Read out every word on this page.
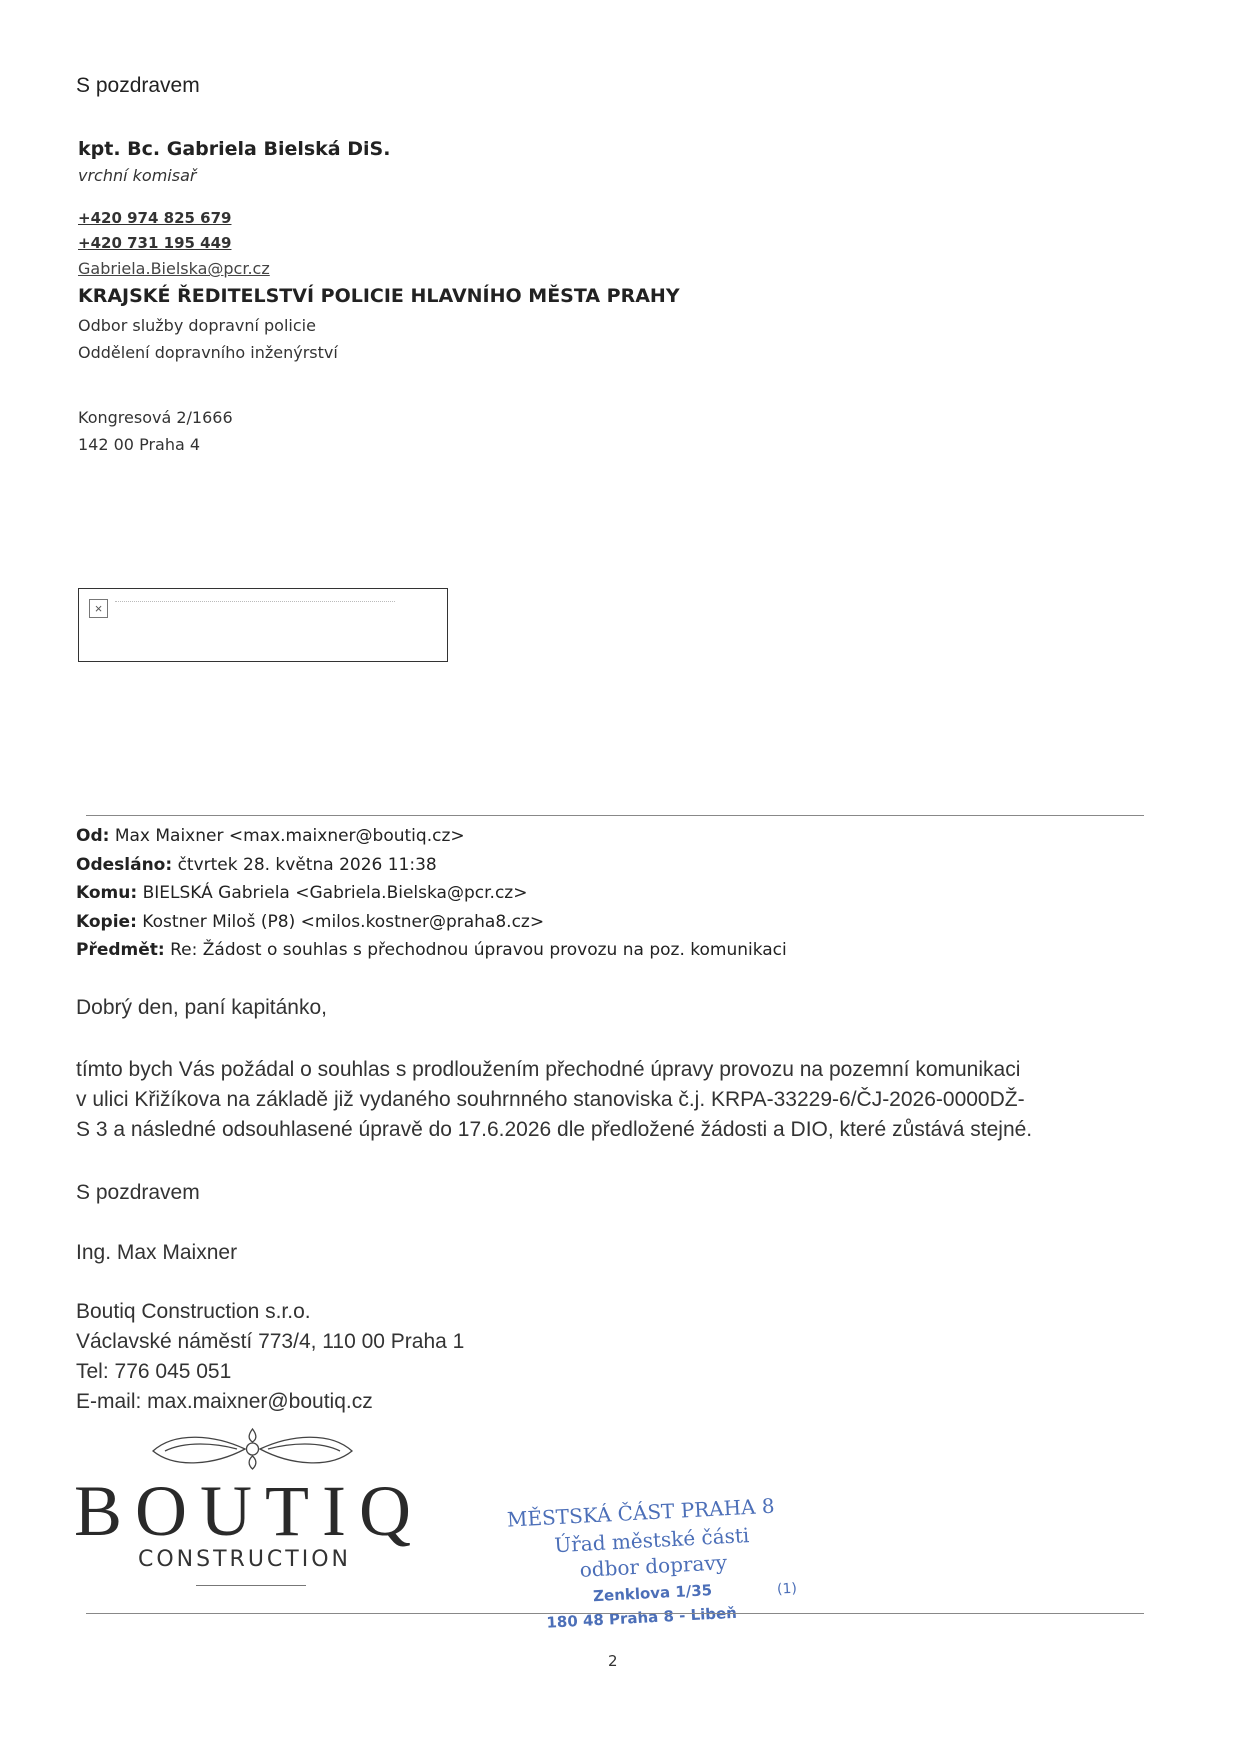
S pozdravem
kpt. Bc. Gabriela Bielská DiS.
vrchní komisař
+420 974 825 679
+420 731 195 449
Gabriela.Bielska@pcr.cz
KRAJSKÉ ŘEDITELSTVÍ POLICIE HLAVNÍHO MĚSTA PRAHY
Odbor služby dopravní policie
Oddělení dopravního inženýrství
Kongresová 2/1666
142 00 Praha 4
×
Od: Max Maixner <max.maixner@boutiq.cz>
Odesláno: čtvrtek 28. května 2026 11:38
Komu: BIELSKÁ Gabriela <Gabriela.Bielska@pcr.cz>
Kopie: Kostner Miloš (P8) <milos.kostner@praha8.cz>
Předmět: Re: Žádost o souhlas s přechodnou úpravou provozu na poz. komunikaci
Dobrý den, paní kapitánko,
tímto bych Vás požádal o souhlas s prodloužením přechodné úpravy provozu na pozemní komunikaci
v ulici Křižíkova na základě již vydaného souhrnného stanoviska č.j. KRPA-33229-6/ČJ-2026-0000DŽ-
S 3 a následné odsouhlasené úpravě do 17.6.2026 dle předložené žádosti a DIO, které zůstává stejné.
S pozdravem
Ing. Max Maixner
Boutiq Construction s.r.o.
Václavské náměstí 773/4, 110 00 Praha 1
Tel: 776 045 051
E-mail: max.maixner@boutiq.cz
BOUTIQ
CONSTRUCTION
MĚSTSKÁ ČÁST PRAHA 8
Úřad městské části
odbor dopravy
Zenklova 1/35
180 48 Praha 8 - Libeň
(1)
2
